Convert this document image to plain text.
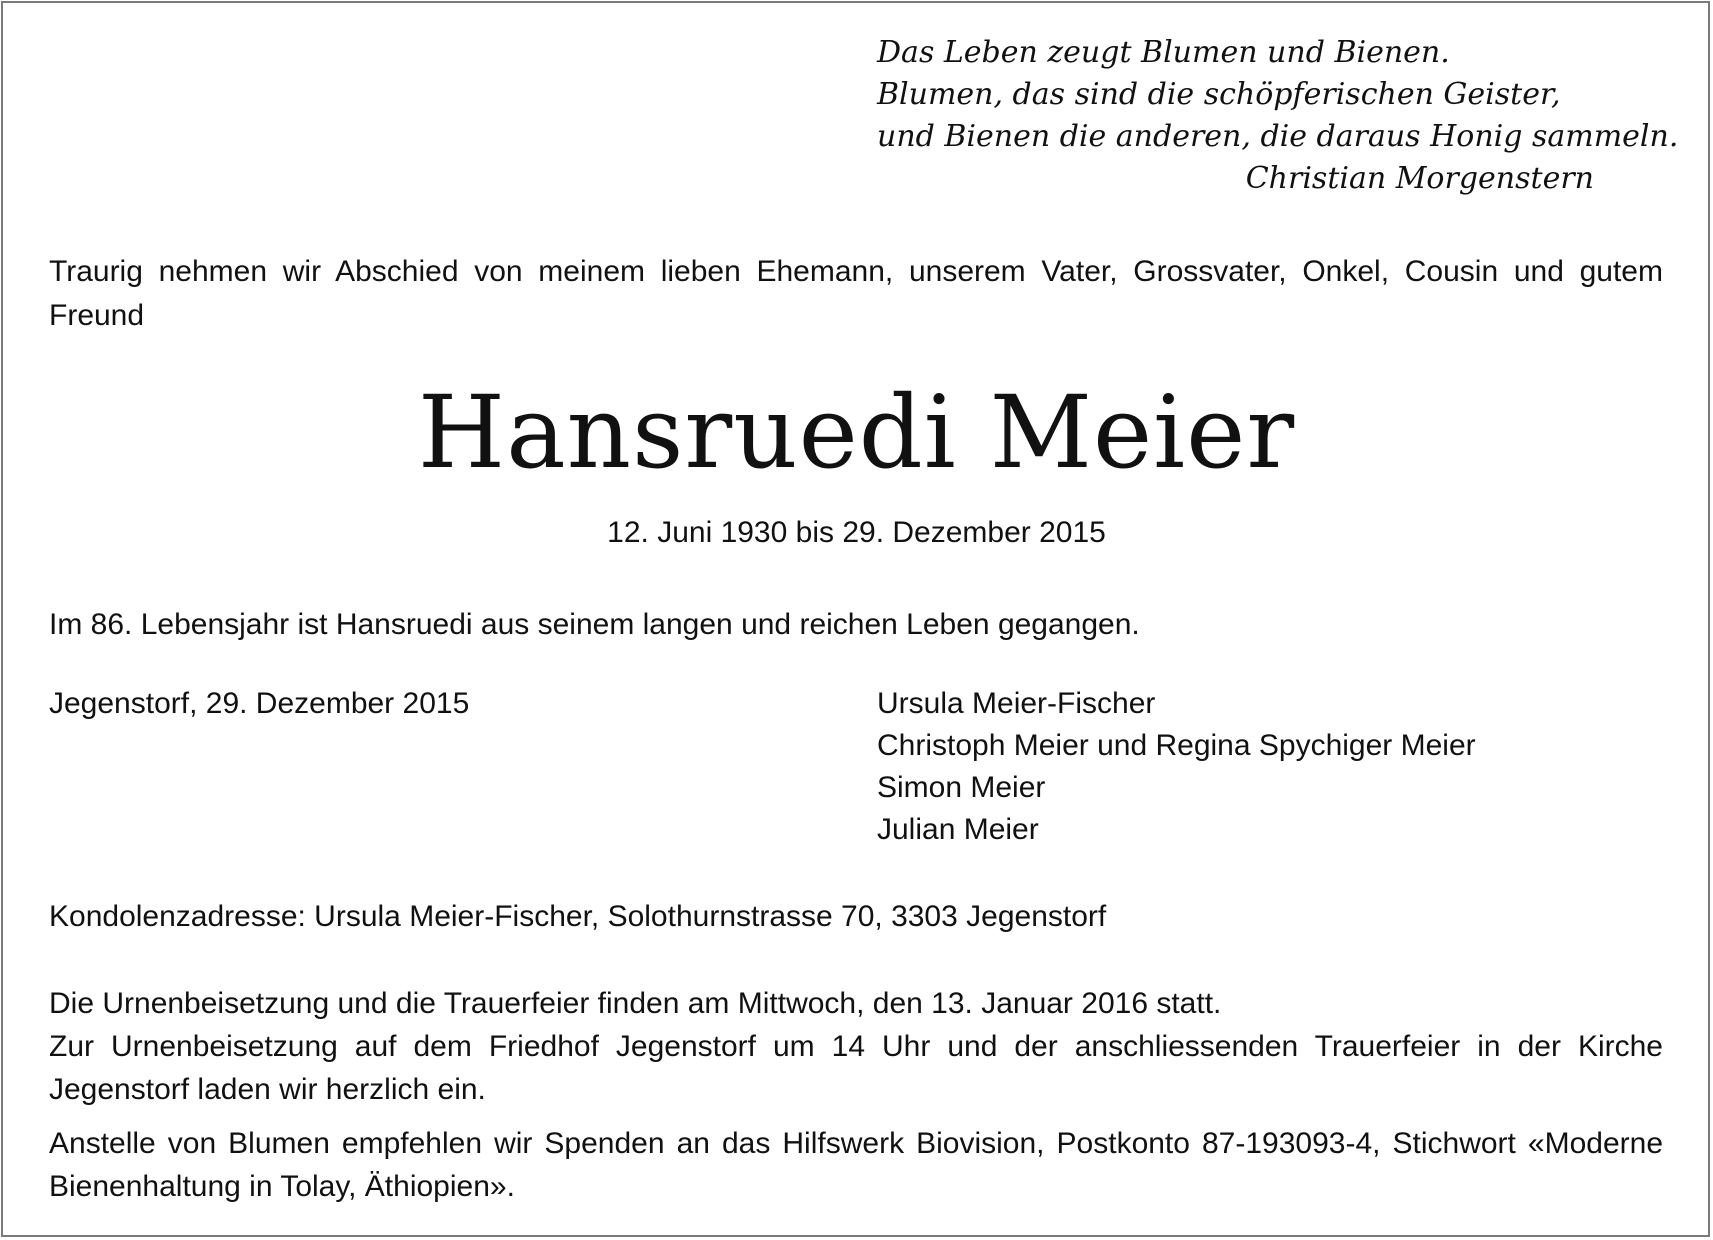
Das Leben zeugt Blumen und Bienen.
Blumen, das sind die schöpferischen Geister,
und Bienen die anderen, die daraus Honig sammeln.
Christian Morgenstern
Traurig nehmen wir Abschied von meinem lieben Ehemann, unserem Vater, Grossvater, Onkel, Cousin und gutem Freund
Hansruedi Meier
12. Juni 1930 bis 29. Dezember 2015
Im 86. Lebensjahr ist Hansruedi aus seinem langen und reichen Leben gegangen.
Jegenstorf, 29. Dezember 2015	Ursula Meier-Fischer
Christoph Meier und Regina Spychiger Meier
Simon Meier
Julian Meier
Kondolenzadresse: Ursula Meier-Fischer, Solothurnstrasse 70, 3303 Jegenstorf
Die Urnenbeisetzung und die Trauerfeier finden am Mittwoch, den 13. Januar 2016 statt.
Zur Urnenbeisetzung auf dem Friedhof Jegenstorf um 14 Uhr und der anschliessenden Trauerfeier in der Kirche Jegenstorf laden wir herzlich ein.
Anstelle von Blumen empfehlen wir Spenden an das Hilfswerk Biovision, Postkonto 87-193093-4, Stichwort «Moderne Bienenhaltung in Tolay, Äthiopien».
